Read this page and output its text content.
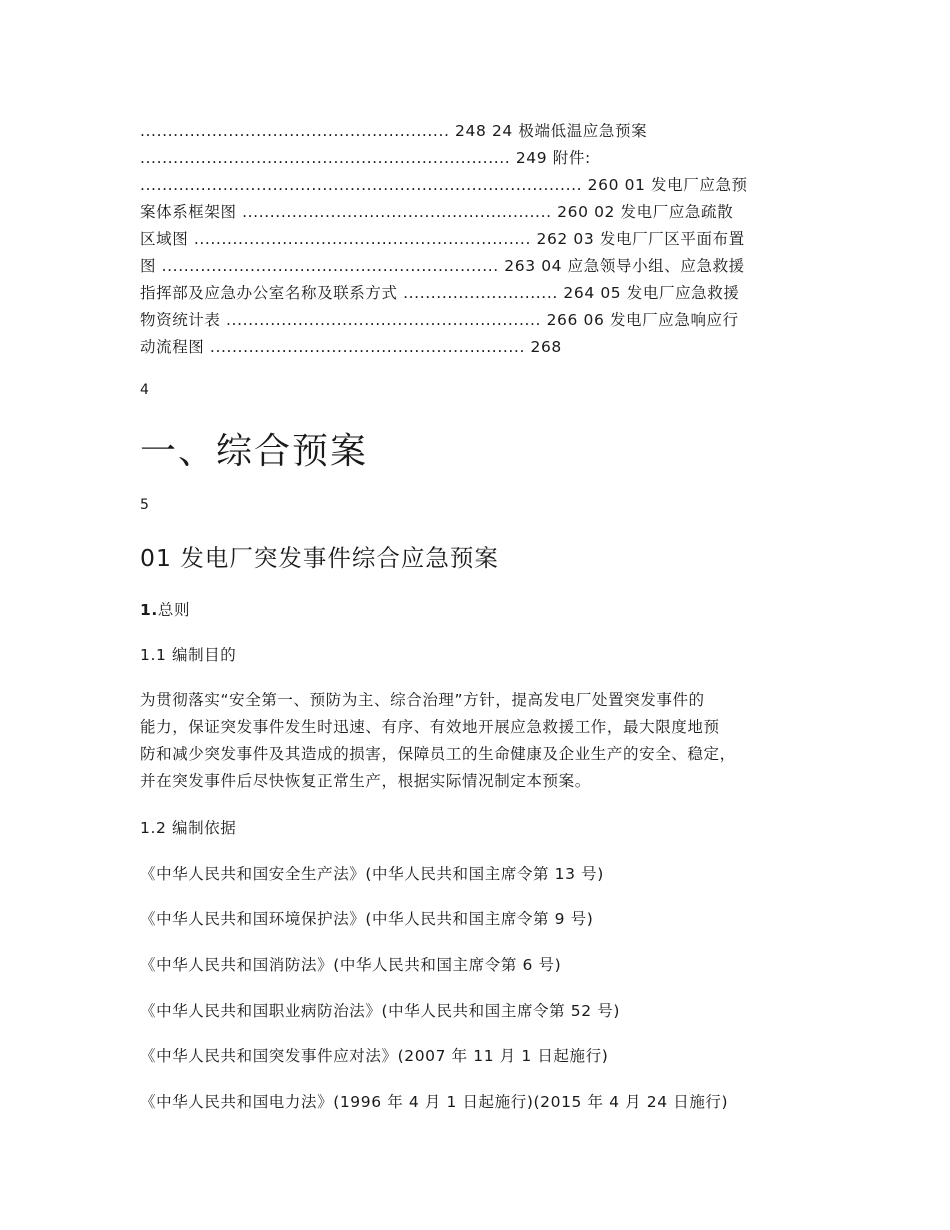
........................................................ 248 24 极端低温应急预案
................................................................... 249 附件:
................................................................................ 260 01 发电厂应急预
案体系框架图 ........................................................ 260 02 发电厂应急疏散
区域图 ............................................................. 262 03 发电厂厂区平面布置
图 ............................................................. 263 04 应急领导小组、应急救援
指挥部及应急办公室名称及联系方式 ............................ 264 05 发电厂应急救援
物资统计表 ......................................................... 266 06 发电厂应急响应行
动流程图 ......................................................... 268
4
一、综合预案
5
01 发电厂突发事件综合应急预案

1.总则

1.1 编制目的

为贯彻落实“安全第一、预防为主、综合治理”方针，提高发电厂处置突发事件的
能力，保证突发事件发生时迅速、有序、有效地开展应急救援工作，最大限度地预
防和减少突发事件及其造成的损害，保障员工的生命健康及企业生产的安全、稳定，
并在突发事件后尽快恢复正常生产，根据实际情况制定本预案。

1.2 编制依据

《中华人民共和国安全生产法》(中华人民共和国主席令第 13 号)

《中华人民共和国环境保护法》(中华人民共和国主席令第 9 号)

《中华人民共和国消防法》(中华人民共和国主席令第 6 号)

《中华人民共和国职业病防治法》(中华人民共和国主席令第 52 号)

《中华人民共和国突发事件应对法》(2007 年 11 月 1 日起施行)

《中华人民共和国电力法》(1996 年 4 月 1 日起施行)(2015 年 4 月 24 日施行)
